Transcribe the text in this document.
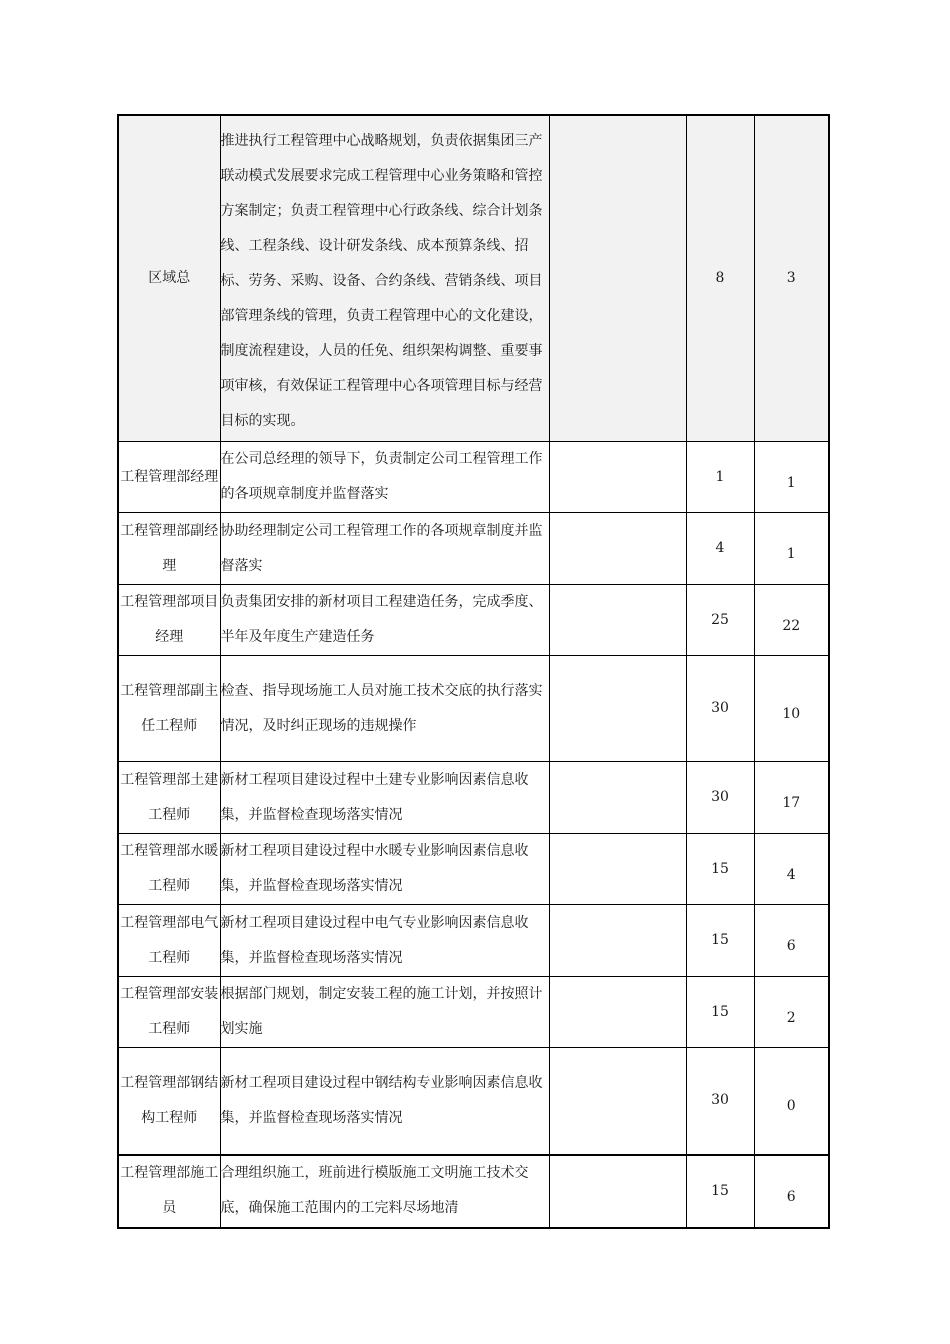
区域总	推进执行工程管理中心战略规划，负责依据集团三产联动模式发展要求完成工程管理中心业务策略和管控方案制定；负责工程管理中心行政条线、综合计划条线、工程条线、设计研发条线、成本预算条线、招标、劳务、采购、设备、合约条线、营销条线、项目部管理条线的管理，负责工程管理中心的文化建设，制度流程建设，人员的任免、组织架构调整、重要事项审核，有效保证工程管理中心各项管理目标与经营目标的实现。		8	3
工程管理部经理	在公司总经理的领导下，负责制定公司工程管理工作的各项规章制度并监督落实		1	1
工程管理部副经理	协助经理制定公司工程管理工作的各项规章制度并监督落实		4	1
工程管理部项目经理	负责集团安排的新材项目工程建造任务，完成季度、半年及年度生产建造任务		25	22
工程管理部副主任工程师	检查、指导现场施工人员对施工技术交底的执行落实情况，及时纠正现场的违规操作		30	10
工程管理部土建工程师	新材工程项目建设过程中土建专业影响因素信息收集，并监督检查现场落实情况		30	17
工程管理部水暖工程师	新材工程项目建设过程中水暖专业影响因素信息收集，并监督检查现场落实情况		15	4
工程管理部电气工程师	新材工程项目建设过程中电气专业影响因素信息收集，并监督检查现场落实情况		15	6
工程管理部安装工程师	根据部门规划，制定安装工程的施工计划，并按照计划实施		15	2
工程管理部钢结构工程师	新材工程项目建设过程中钢结构专业影响因素信息收集，并监督检查现场落实情况		30	0
工程管理部施工员	合理组织施工，班前进行模版施工文明施工技术交底，确保施工范围内的工完料尽场地清		15	6
